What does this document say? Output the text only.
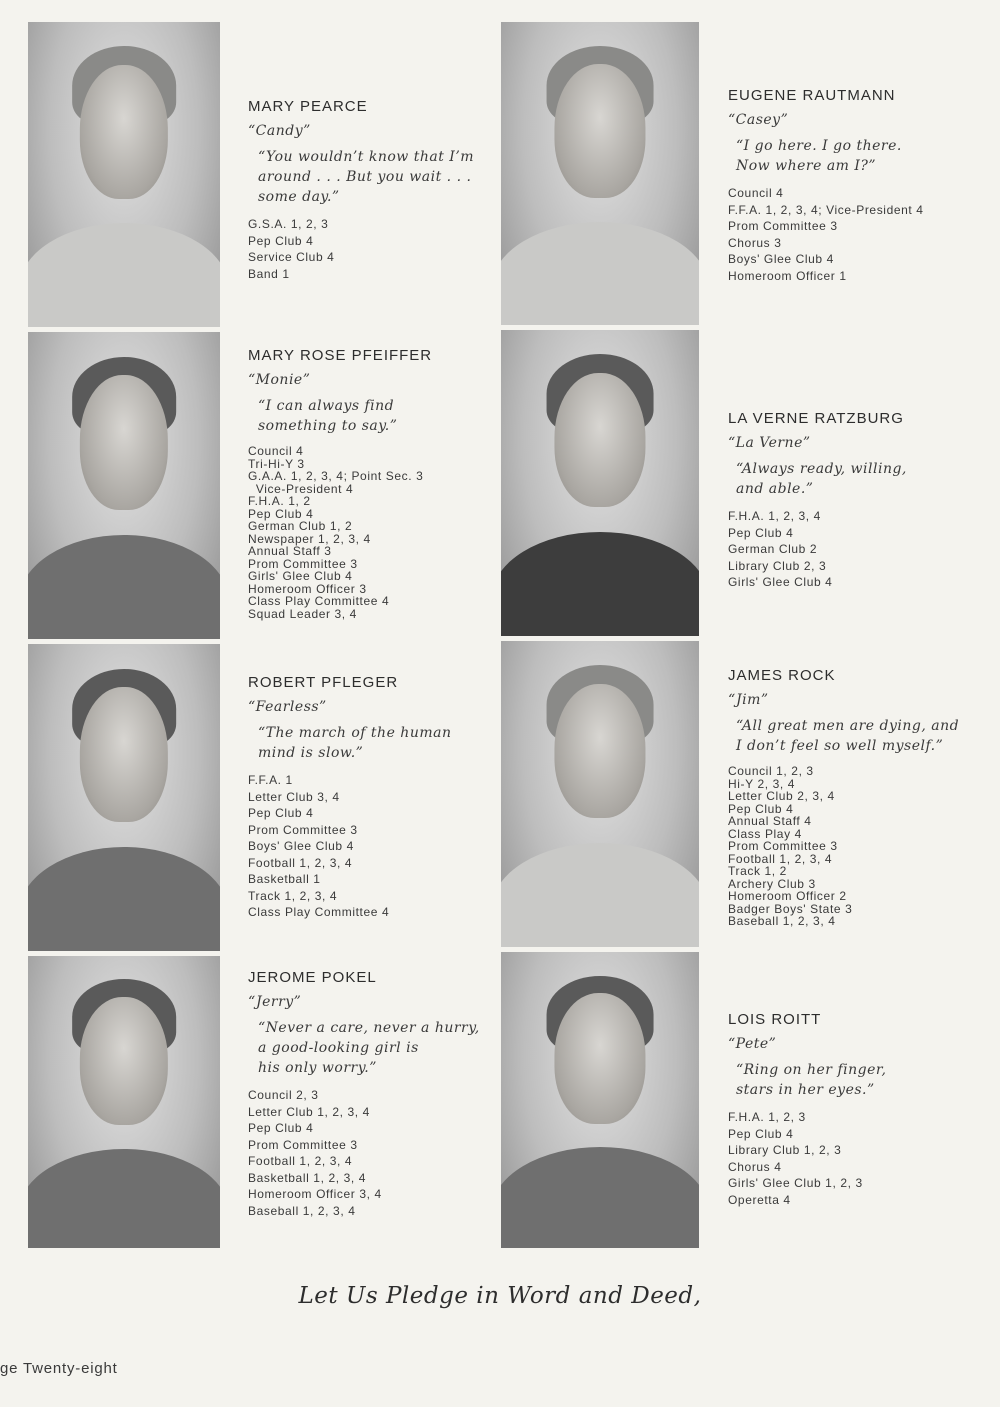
MARY PEARCE
“Candy”
“You wouldn’t know that I’m
around . . . But you wait . . .
some day.”
G.S.A. 1, 2, 3
Pep Club 4
Service Club 4
Band 1
MARY ROSE PFEIFFER
“Monie”
“I can always find
something to say.”
Council 4
Tri-Hi-Y 3
G.A.A. 1, 2, 3, 4; Point Sec. 3
Vice-President 4
F.H.A. 1, 2
Pep Club 4
German Club 1, 2
Newspaper 1, 2, 3, 4
Annual Staff 3
Prom Committee 3
Girls' Glee Club 4
Homeroom Officer 3
Class Play Committee 4
Squad Leader 3, 4
ROBERT PFLEGER
“Fearless”
“The march of the human
mind is slow.”
F.F.A. 1
Letter Club 3, 4
Pep Club 4
Prom Committee 3
Boys' Glee Club 4
Football 1, 2, 3, 4
Basketball 1
Track 1, 2, 3, 4
Class Play Committee 4
JEROME POKEL
“Jerry”
“Never a care, never a hurry,
a good-looking girl is
his only worry.”
Council 2, 3
Letter Club 1, 2, 3, 4
Pep Club 4
Prom Committee 3
Football 1, 2, 3, 4
Basketball 1, 2, 3, 4
Homeroom Officer 3, 4
Baseball 1, 2, 3, 4
EUGENE RAUTMANN
“Casey”
“I go here. I go there.
Now where am I?”
Council 4
F.F.A. 1, 2, 3, 4; Vice-President 4
Prom Committee 3
Chorus 3
Boys' Glee Club 4
Homeroom Officer 1
LA VERNE RATZBURG
“La Verne”
“Always ready, willing,
and able.”
F.H.A. 1, 2, 3, 4
Pep Club 4
German Club 2
Library Club 2, 3
Girls' Glee Club 4
JAMES ROCK
“Jim”
“All great men are dying, and
I don’t feel so well myself.”
Council 1, 2, 3
Hi-Y 2, 3, 4
Letter Club 2, 3, 4
Pep Club 4
Annual Staff 4
Class Play 4
Prom Committee 3
Football 1, 2, 3, 4
Track 1, 2
Archery Club 3
Homeroom Officer 2
Badger Boys' State 3
Baseball 1, 2, 3, 4
LOIS ROITT
“Pete”
“Ring on her finger,
stars in her eyes.”
F.H.A. 1, 2, 3
Pep Club 4
Library Club 1, 2, 3
Chorus 4
Girls' Glee Club 1, 2, 3
Operetta 4
Let Us Pledge in Word and Deed,
ge Twenty-eight
